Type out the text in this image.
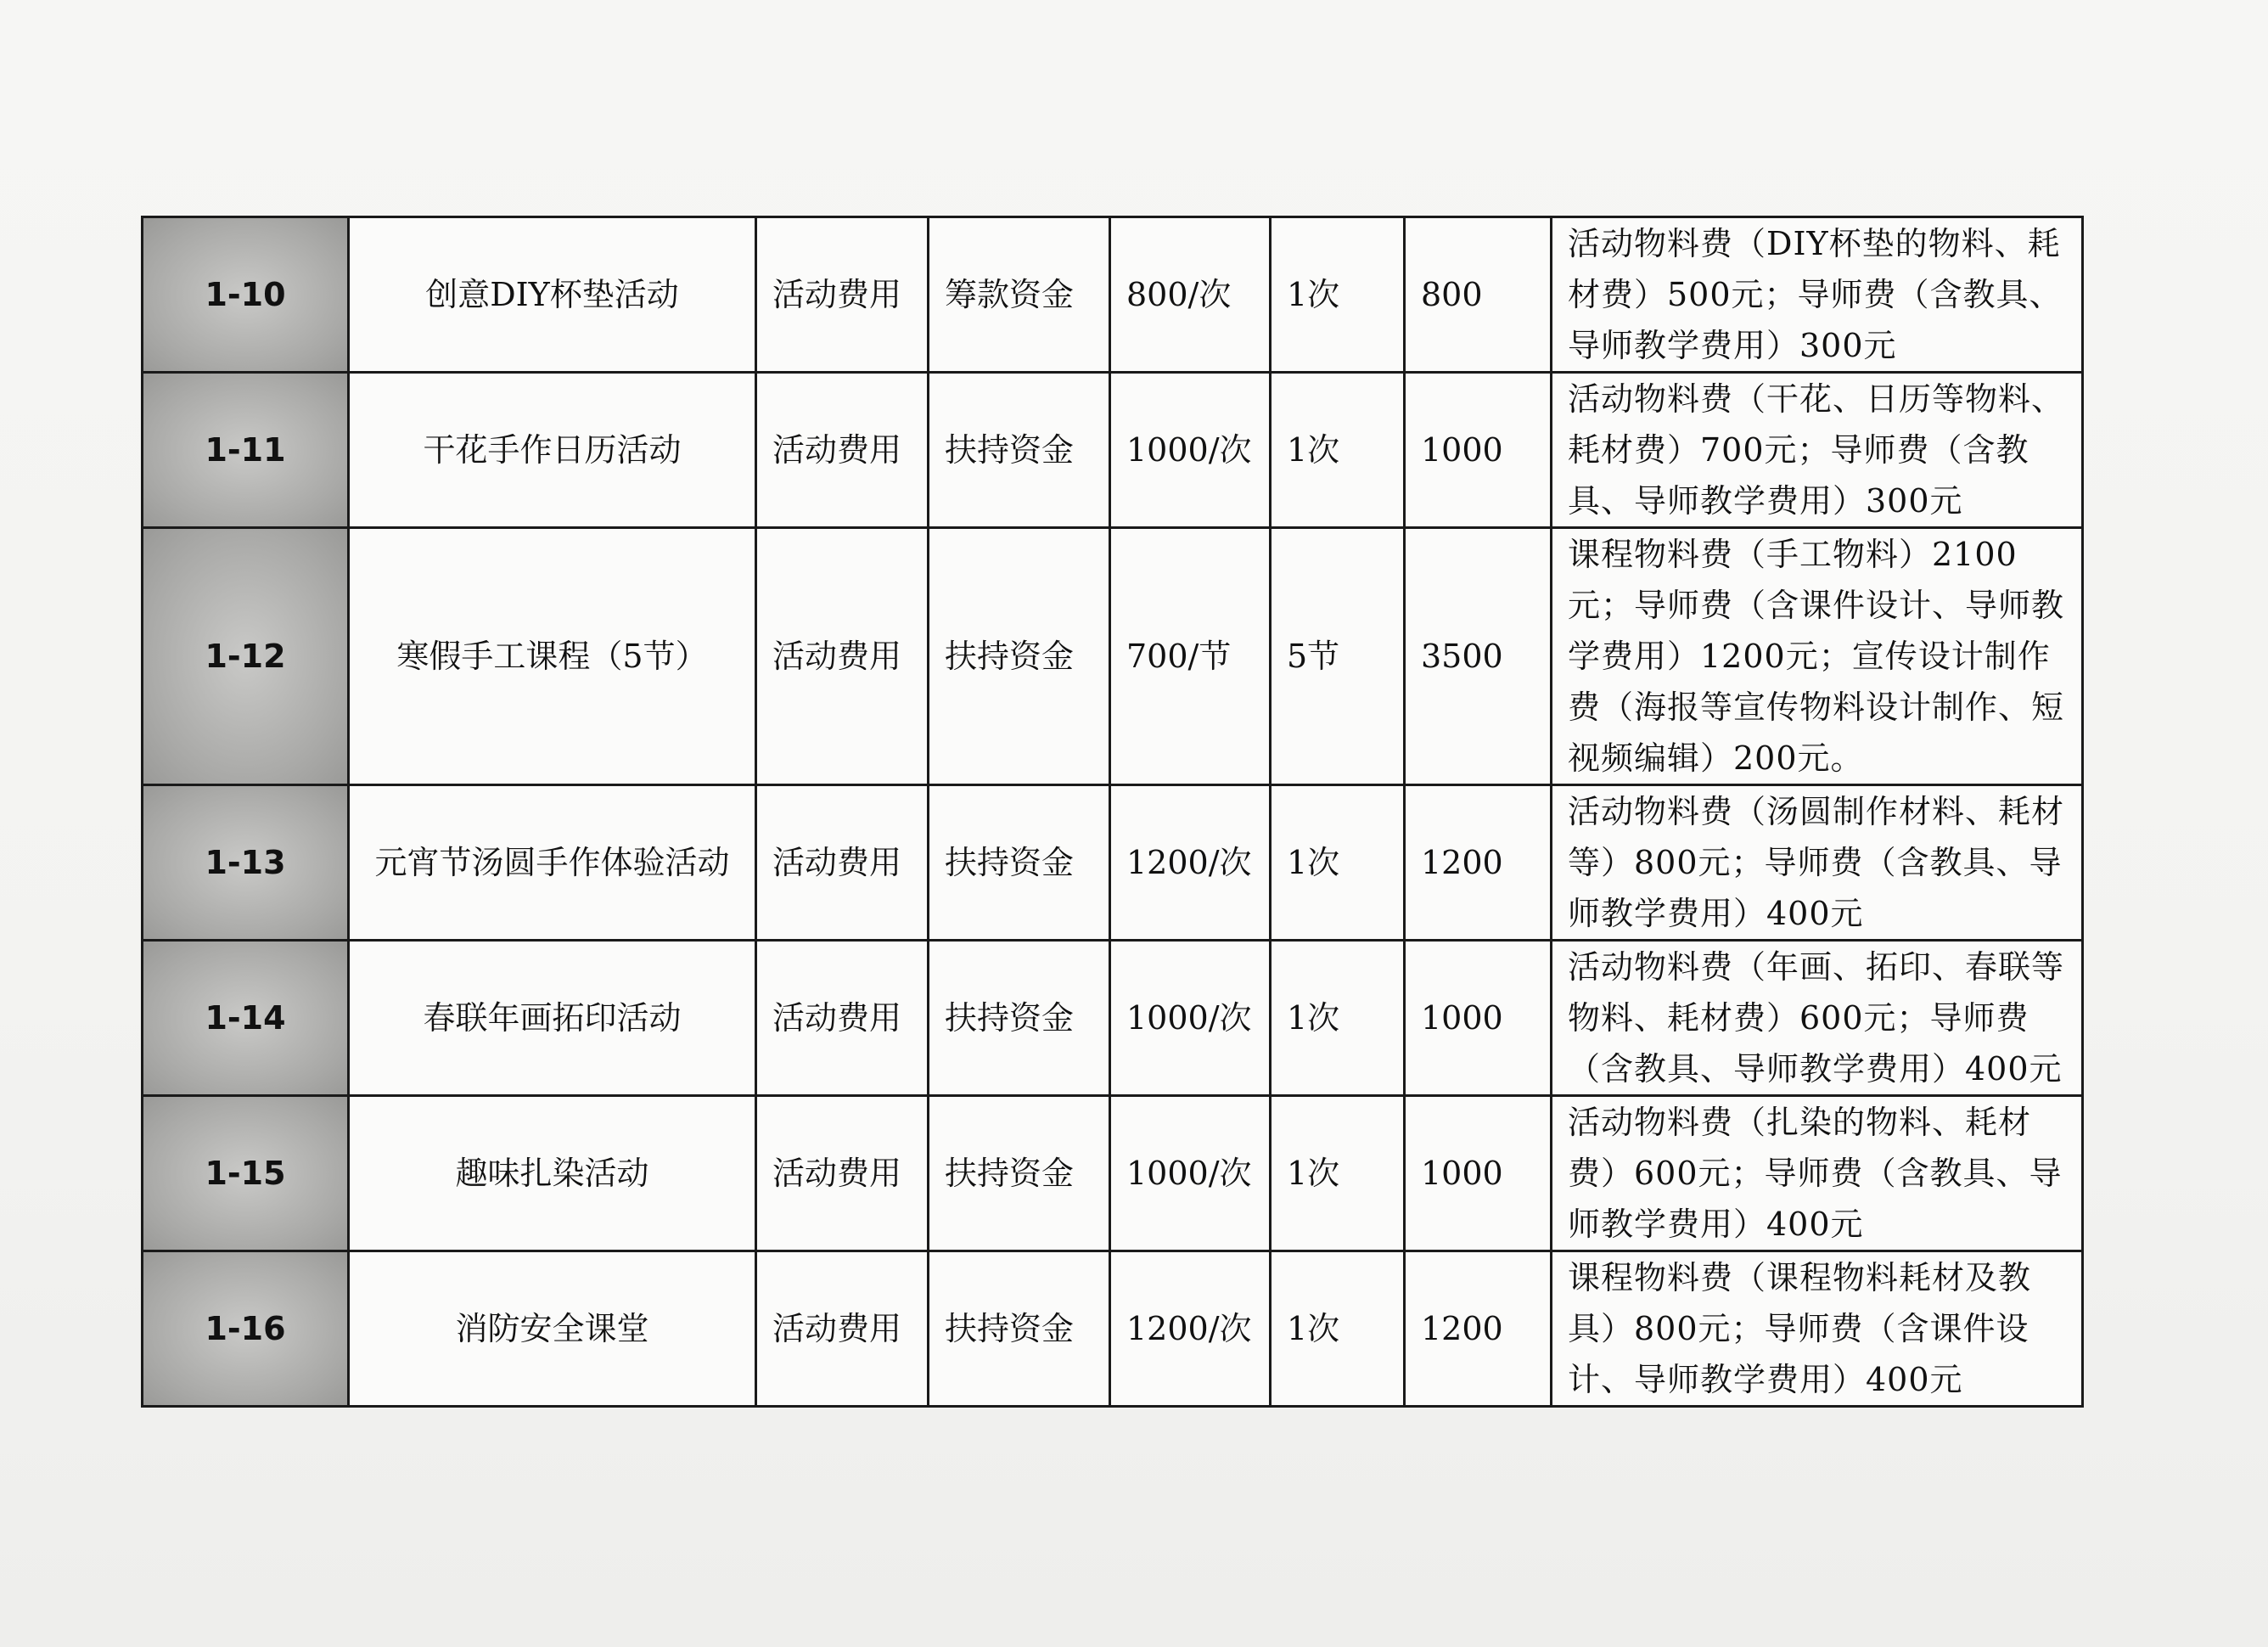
1-10	创意DIY杯垫活动	活动费用	筹款资金	800/次	1次	800	活动物料费（DIY杯垫的物料、耗材费）500元；导师费（含教具、导师教学费用）300元
1-11	干花手作日历活动	活动费用	扶持资金	1000/次	1次	1000	活动物料费（干花、日历等物料、耗材费）700元；导师费（含教具、导师教学费用）300元
1-12	寒假手工课程（5节）	活动费用	扶持资金	700/节	5节	3500	课程物料费（手工物料）2100元；导师费（含课件设计、导师教学费用）1200元；宣传设计制作费（海报等宣传物料设计制作、短视频编辑）200元。
1-13	元宵节汤圆手作体验活动	活动费用	扶持资金	1200/次	1次	1200	活动物料费（汤圆制作材料、耗材等）800元；导师费（含教具、导师教学费用）400元
1-14	春联年画拓印活动	活动费用	扶持资金	1000/次	1次	1000	活动物料费（年画、拓印、春联等物料、耗材费）600元；导师费（含教具、导师教学费用）400元
1-15	趣味扎染活动	活动费用	扶持资金	1000/次	1次	1000	活动物料费（扎染的物料、耗材费）600元；导师费（含教具、导师教学费用）400元
1-16	消防安全课堂	活动费用	扶持资金	1200/次	1次	1200	课程物料费（课程物料耗材及教具）800元；导师费（含课件设计、导师教学费用）400元
